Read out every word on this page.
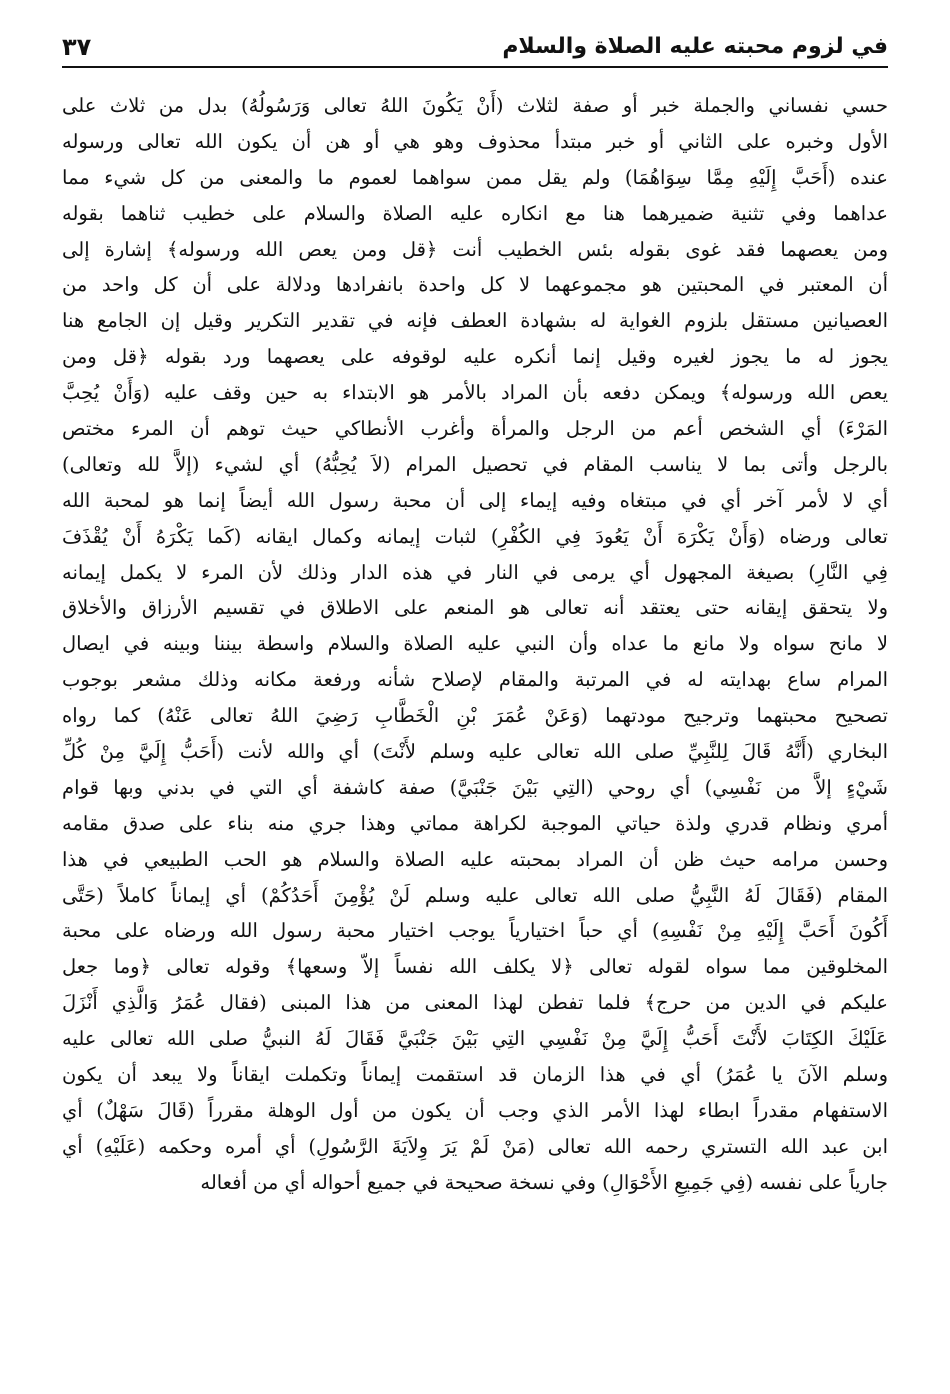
في لزوم محبته عليه الصلاة والسلام
٣٧
حسي نفساني والجملة خبر أو صفة لثلاث (أَنْ يَكُونَ اللهُ تعالى وَرَسُولُهُ) بدل من ثلاث على
الأول وخبره على الثاني أو خبر مبتدأ محذوف وهو هي أو هن أن يكون الله تعالى ورسوله
عنده (أَحَبَّ إِلَيْهِ مِمَّا سِوَاهُمَا) ولم يقل ممن سواهما لعموم ما والمعنى من كل شيء مما
عداهما وفي تثنية ضميرهما هنا مع انكاره عليه الصلاة والسلام على خطيب ثناهما بقوله
ومن يعصهما فقد غوى بقوله بئس الخطيب أنت ﴿قل ومن يعص الله ورسوله﴾ إشارة إلى
أن المعتبر في المحبتين هو مجموعهما لا كل واحدة بانفرادها ودلالة على أن كل واحد من
العصيانين مستقل بلزوم الغواية له بشهادة العطف فإنه في تقدير التكرير وقيل إن الجامع هنا
يجوز له ما يجوز لغيره وقيل إنما أنكره عليه لوقوفه على يعصهما ورد بقوله ﴿قل ومن
يعص الله ورسوله﴾ ويمكن دفعه بأن المراد بالأمر هو الابتداء به حين وقف عليه (وَأَنْ يُحِبَّ
المَرْءَ) أي الشخص أعم من الرجل والمرأة وأغرب الأنطاكي حيث توهم أن المرء مختص
بالرجل وأتى بما لا يناسب المقام في تحصيل المرام (لاَ يُحِبُّهُ) أي لشيء (إلاَّ لله وتعالى)
أي لا لأمر آخر أي في مبتغاه وفيه إيماء إلى أن محبة رسول الله أيضاً إنما هو لمحبة الله
تعالى ورضاه (وَأَنْ يَكْرَهَ أَنْ يَعُودَ فِي الكُفْرِ) لثبات إيمانه وكمال ايقانه (كَما يَكْرَهُ أَنْ يُقْذَفَ
فِي النَّارِ) بصيغة المجهول أي يرمى في النار في هذه الدار وذلك لأن المرء لا يكمل إيمانه
ولا يتحقق إيقانه حتى يعتقد أنه تعالى هو المنعم على الاطلاق في تقسيم الأرزاق والأخلاق
لا مانح سواه ولا مانع ما عداه وأن النبي عليه الصلاة والسلام واسطة بيننا وبينه في ايصال
المرام ساع بهدايته له في المرتبة والمقام لإصلاح شأنه ورفعة مكانه وذلك مشعر بوجوب
تصحيح محبتهما وترجيح مودتهما (وَعَنْ عُمَرَ بْنِ الْخَطَّابِ رَضِيَ اللهُ تعالى عَنْهُ) كما رواه
البخاري (أَنَّهُ قَالَ لِلنَّبِيِّ صلى الله تعالى عليه وسلم لأَنْتَ) أي والله لأنت (أَحَبُّ إِلَيَّ مِنْ كُلِّ
شَيْءٍ إلاَّ من نَفْسِي) أي روحي (التِي بَيْنَ جَنْبَيَّ) صفة كاشفة أي التي في بدني وبها قوام
أمري ونظام قدري ولذة حياتي الموجبة لكراهة مماتي وهذا جري منه بناء على صدق مقامه
وحسن مرامه حيث ظن أن المراد بمحبته عليه الصلاة والسلام هو الحب الطبيعي في هذا
المقام (فَقَالَ لَهُ النَّبِيُّ صلى الله تعالى عليه وسلم لَنْ يُؤْمِنَ أَحَدُكُمْ) أي إيماناً كاملاً (حَتَّى
أَكُونَ أَحَبَّ إِلَيْهِ مِنْ نَفْسِهِ) أي حباً اختيارياً يوجب اختيار محبة رسول الله ورضاه على محبة
المخلوقين مما سواه لقوله تعالى ﴿لا يكلف الله نفساً إلاّ وسعها﴾ وقوله تعالى ﴿وما جعل
عليكم في الدين من حرج﴾ فلما تفطن لهذا المعنى من هذا المبنى (فقال عُمَرُ وَالَّذِي أَنْزَلَ
عَلَيْكَ الكِتَابَ لأَنْتَ أَحَبُّ إِلَيَّ مِنْ نَفْسِي التِي بَيْنَ جَنْبَيَّ فَقَالَ لَهُ النبيُّ صلى الله تعالى عليه
وسلم الآنَ يا عُمَرُ) أي في هذا الزمان قد استقمت إيماناً وتكملت ايقاناً ولا يبعد أن يكون
الاستفهام مقدراً ابطاء لهذا الأمر الذي وجب أن يكون من أول الوهلة مقرراً (قَالَ سَهْلٌ) أي
ابن عبد الله التستري رحمه الله تعالى (مَنْ لَمْ يَرَ وِلاَيَةَ الرَّسُولِ) أي أمره وحكمه (عَلَيْهِ) أي
جارياً على نفسه (فِي جَمِيعِ الأَحْوَالِ) وفي نسخة صحيحة في جميع أحواله أي من أفعاله
